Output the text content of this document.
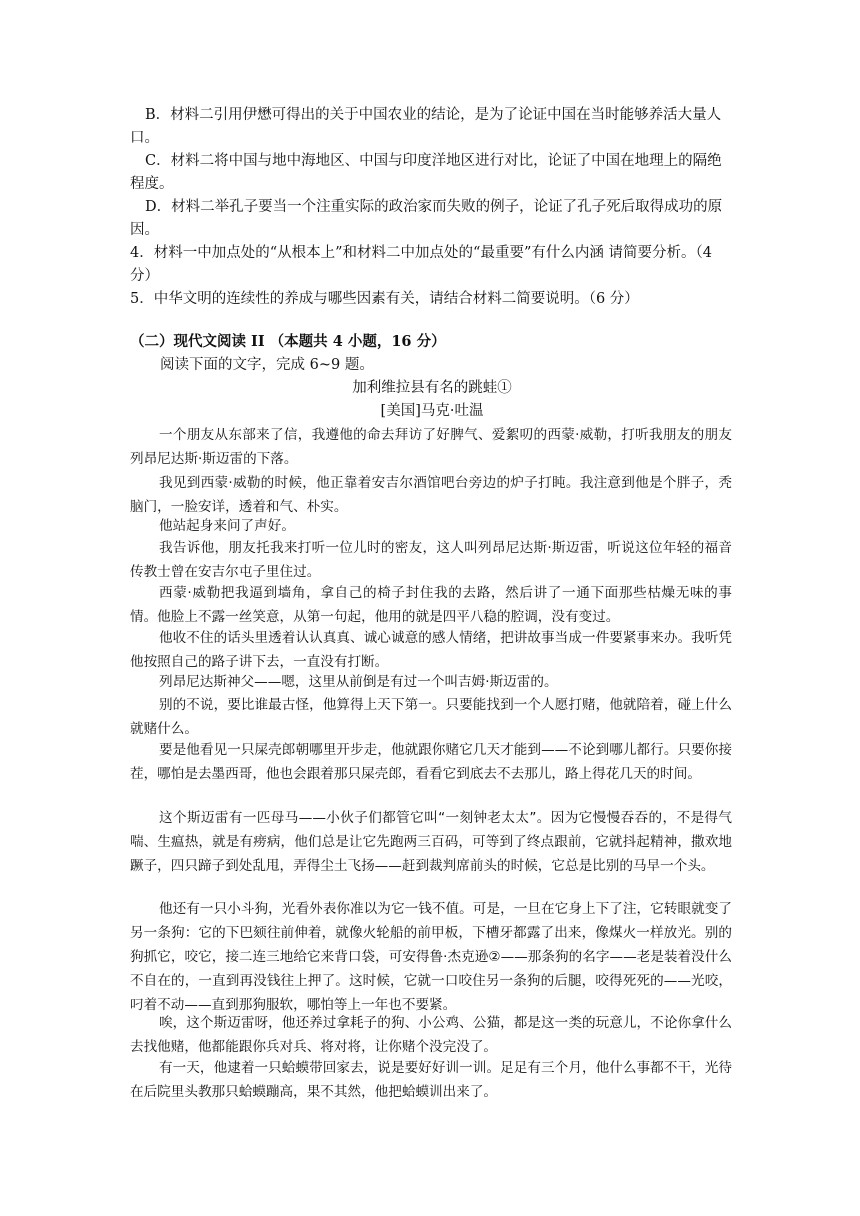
B．材料二引用伊懋可得出的关于中国农业的结论，是为了论证中国在当时能够养活大量人口。

C．材料二将中国与地中海地区、中国与印度洋地区进行对比，论证了中国在地理上的隔绝程度。

D．材料二举孔子要当一个注重实际的政治家而失败的例子，论证了孔子死后取得成功的原因。

4．材料一中加点处的“从根本上”和材料二中加点处的“最重要”有什么内涵 请简要分析。（4 分）

5．中华文明的连续性的养成与哪些因素有关，请结合材料二简要说明。（6 分）

（二）现代文阅读 II （本题共 4 小题，16 分）

阅读下面的文字，完成 6~9 题。

加利维拉县有名的跳蛙①

[美国]马克·吐温

一个朋友从东部来了信，我遵他的命去拜访了好脾气、爱絮叨的西蒙·威勒，打听我朋友的朋友列昂尼达斯·斯迈雷的下落。

我见到西蒙·威勒的时候，他正靠着安吉尔酒馆吧台旁边的炉子打盹。我注意到他是个胖子，秃脑门，一脸安详，透着和气、朴实。

他站起身来问了声好。

我告诉他，朋友托我来打听一位儿时的密友，这人叫列昂尼达斯·斯迈雷，听说这位年轻的福音传教士曾在安吉尔屯子里住过。

西蒙·威勒把我逼到墙角，拿自己的椅子封住我的去路，然后讲了一通下面那些枯燥无味的事情。他脸上不露一丝笑意，从第一句起，他用的就是四平八稳的腔调，没有变过。

他收不住的话头里透着认认真真、诚心诚意的感人情绪，把讲故事当成一件要紧事来办。我听凭他按照自己的路子讲下去，一直没有打断。

列昂尼达斯神父——嗯，这里从前倒是有过一个叫吉姆·斯迈雷的。

别的不说，要比谁最古怪，他算得上天下第一。只要能找到一个人愿打赌，他就陪着，碰上什么就赌什么。

要是他看见一只屎壳郎朝哪里开步走，他就跟你赌它几天才能到——不论到哪儿都行。只要你接茬，哪怕是去墨西哥，他也会跟着那只屎壳郎，看看它到底去不去那儿，路上得花几天的时间。

这个斯迈雷有一匹母马——小伙子们都管它叫“一刻钟老太太”。因为它慢慢吞吞的，不是得气喘、生瘟热，就是有痨病，他们总是让它先跑两三百码，可等到了终点跟前，它就抖起精神，撒欢地蹶子，四只蹄子到处乱甩，弄得尘土飞扬——赶到裁判席前头的时候，它总是比别的马早一个头。

他还有一只小斗狗，光看外表你准以为它一钱不值。可是，一旦在它身上下了注，它转眼就变了另一条狗：它的下巴颏往前伸着，就像火轮船的前甲板，下槽牙都露了出来，像煤火一样放光。别的狗抓它，咬它，接二连三地给它来背口袋，可安得鲁·杰克逊②——那条狗的名字——老是装着没什么不自在的，一直到再没钱往上押了。这时候，它就一口咬住另一条狗的后腿，咬得死死的——光咬，叼着不动——直到那狗服软，哪怕等上一年也不要紧。

唉，这个斯迈雷呀，他还养过拿耗子的狗、小公鸡、公猫，都是这一类的玩意儿，不论你拿什么去找他赌，他都能跟你兵对兵、将对将，让你赌个没完没了。

有一天，他逮着一只蛤蟆带回家去，说是要好好训一训。足足有三个月，他什么事都不干，光待在后院里头教那只蛤蟆蹦高，果不其然，他把蛤蟆训出来了。
